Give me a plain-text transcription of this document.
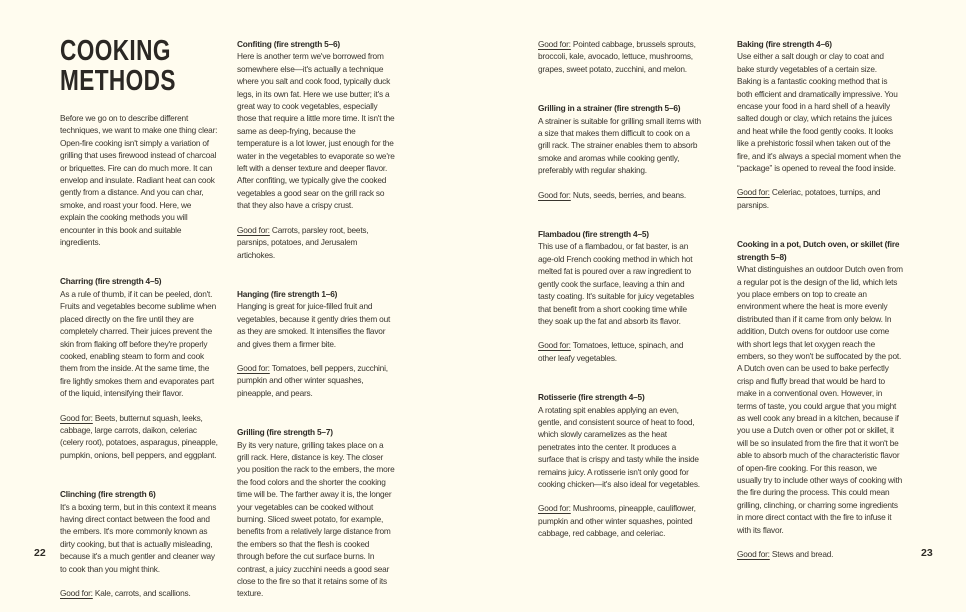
COOKING
METHODS

Before we go on to describe different techniques, we want to make one thing clear: Open-fire cooking isn't simply a variation of grilling that uses firewood instead of charcoal or briquettes. Fire can do much more. It can envelop and insulate. Radiant heat can cook gently from a distance. And you can char, smoke, and roast your food. Here, we explain the cooking methods you will encounter in this book and suitable ingredients.

Charring (fire strength 4–5)

As a rule of thumb, if it can be peeled, don't. Fruits and vegetables become sublime when placed directly on the fire until they are completely charred. Their juices prevent the skin from flaking off before they're properly cooked, enabling steam to form and cook them from the inside. At the same time, the fire lightly smokes them and evaporates part of the liquid, intensifying their flavor.

Good for: Beets, butternut squash, leeks, cabbage, large carrots, daikon, celeriac (celery root), potatoes, asparagus, pineapple, pumpkin, onions, bell peppers, and eggplant.

Clinching (fire strength 6)

It's a boxing term, but in this context it means having direct contact between the food and the embers. It's more commonly known as dirty cooking, but that is actually misleading, because it's a much gentler and cleaner way to cook than you might think.

Good for: Kale, carrots, and scallions.

Confiting (fire strength 5–6)

Here is another term we've borrowed from somewhere else—it's actually a technique where you salt and cook food, typically duck legs, in its own fat. Here we use butter; it's a great way to cook vegetables, especially those that require a little more time. It isn't the same as deep-frying, because the temperature is a lot lower, just enough for the water in the vegetables to evaporate so we're left with a denser texture and deeper flavor. After confiting, we typically give the cooked vegetables a good sear on the grill rack so that they also have a crispy crust.

Good for: Carrots, parsley root, beets, parsnips, potatoes, and Jerusalem artichokes.

Hanging (fire strength 1–6)

Hanging is great for juice-filled fruit and vegetables, because it gently dries them out as they are smoked. It intensifies the flavor and gives them a firmer bite.

Good for: Tomatoes, bell peppers, zucchini, pumpkin and other winter squashes, pineapple, and pears.

Grilling (fire strength 5–7)

By its very nature, grilling takes place on a grill rack. Here, distance is key. The closer you position the rack to the embers, the more the food colors and the shorter the cooking time will be. The farther away it is, the longer your vegetables can be cooked without burning. Sliced sweet potato, for example, benefits from a relatively large distance from the embers so that the flesh is cooked through before the cut surface burns. In contrast, a juicy zucchini needs a good sear close to the fire so that it retains some of its texture.

Good for: Pointed cabbage, brussels sprouts, broccoli, kale, avocado, lettuce, mushrooms, grapes, sweet potato, zucchini, and melon.

Grilling in a strainer (fire strength 5–6)

A strainer is suitable for grilling small items with a size that makes them difficult to cook on a grill rack. The strainer enables them to absorb smoke and aromas while cooking gently, preferably with regular shaking.

Good for: Nuts, seeds, berries, and beans.

Flambadou (fire strength 4–5)

This use of a flambadou, or fat baster, is an age-old French cooking method in which hot melted fat is poured over a raw ingredient to gently cook the surface, leaving a thin and tasty coating. It's suitable for juicy vegetables that benefit from a short cooking time while they soak up the fat and absorb its flavor.

Good for: Tomatoes, lettuce, spinach, and other leafy vegetables.

Rotisserie (fire strength 4–5)

A rotating spit enables applying an even, gentle, and consistent source of heat to food, which slowly caramelizes as the heat penetrates into the center. It produces a surface that is crispy and tasty while the inside remains juicy. A rotisserie isn't only good for cooking chicken—it's also ideal for vegetables.

Good for: Mushrooms, pineapple, cauliflower, pumpkin and other winter squashes, pointed cabbage, red cabbage, and celeriac.

Baking (fire strength 4–6)

Use either a salt dough or clay to coat and bake sturdy vegetables of a certain size. Baking is a fantastic cooking method that is both efficient and dramatically impressive. You encase your food in a hard shell of a heavily salted dough or clay, which retains the juices and heat while the food gently cooks. It looks like a prehistoric fossil when taken out of the fire, and it's always a special moment when the “package” is opened to reveal the food inside.

Good for: Celeriac, potatoes, turnips, and parsnips.

Cooking in a pot, Dutch oven, or skillet (fire strength 5–8)

What distinguishes an outdoor Dutch oven from a regular pot is the design of the lid, which lets you place embers on top to create an environment where the heat is more evenly distributed than if it came from only below. In addition, Dutch ovens for outdoor use come with short legs that let oxygen reach the embers, so they won't be suffocated by the pot. A Dutch oven can be used to bake perfectly crisp and fluffy bread that would be hard to make in a conventional oven. However, in terms of taste, you could argue that you might as well cook any bread in a kitchen, because if you use a Dutch oven or other pot or skillet, it will be so insulated from the fire that it won't be able to absorb much of the characteristic flavor of open-fire cooking. For this reason, we usually try to include other ways of cooking with the fire during the process. This could mean grilling, clinching, or charring some ingredients in more direct contact with the fire to infuse it with its flavor.

Good for: Stews and bread.

22	23
